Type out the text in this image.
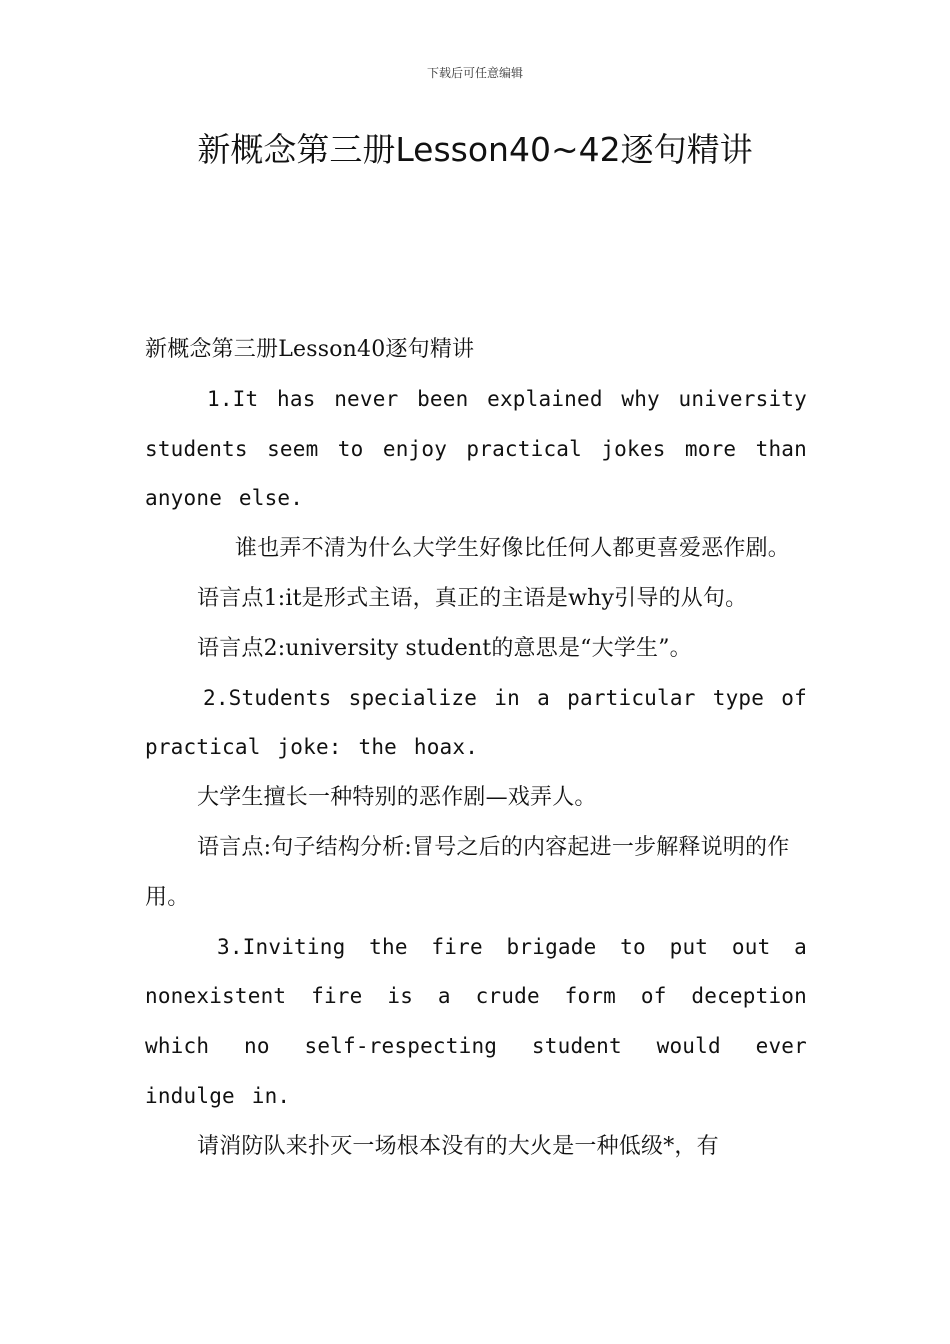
下载后可任意编辑
新概念第三册Lesson40~42逐句精讲

新概念第三册Lesson40逐句精讲

1.It has never been explained why university students seem to enjoy practical jokes more than anyone else.

谁也弄不清为什么大学生好像比任何人都更喜爱恶作剧。

语言点1:it是形式主语，真正的主语是why引导的从句。

语言点2:university student的意思是“大学生”。

2.Students specialize in a particular type of practical joke: the hoax.

大学生擅长一种特别的恶作剧—戏弄人。

语言点:句子结构分析:冒号之后的内容起进一步解释说明的作用。

3.Inviting the fire brigade to put out a nonexistent fire is a crude form of deception which no self-respecting student would ever indulge in.

请消防队来扑灭一场根本没有的大火是一种低级*，有
